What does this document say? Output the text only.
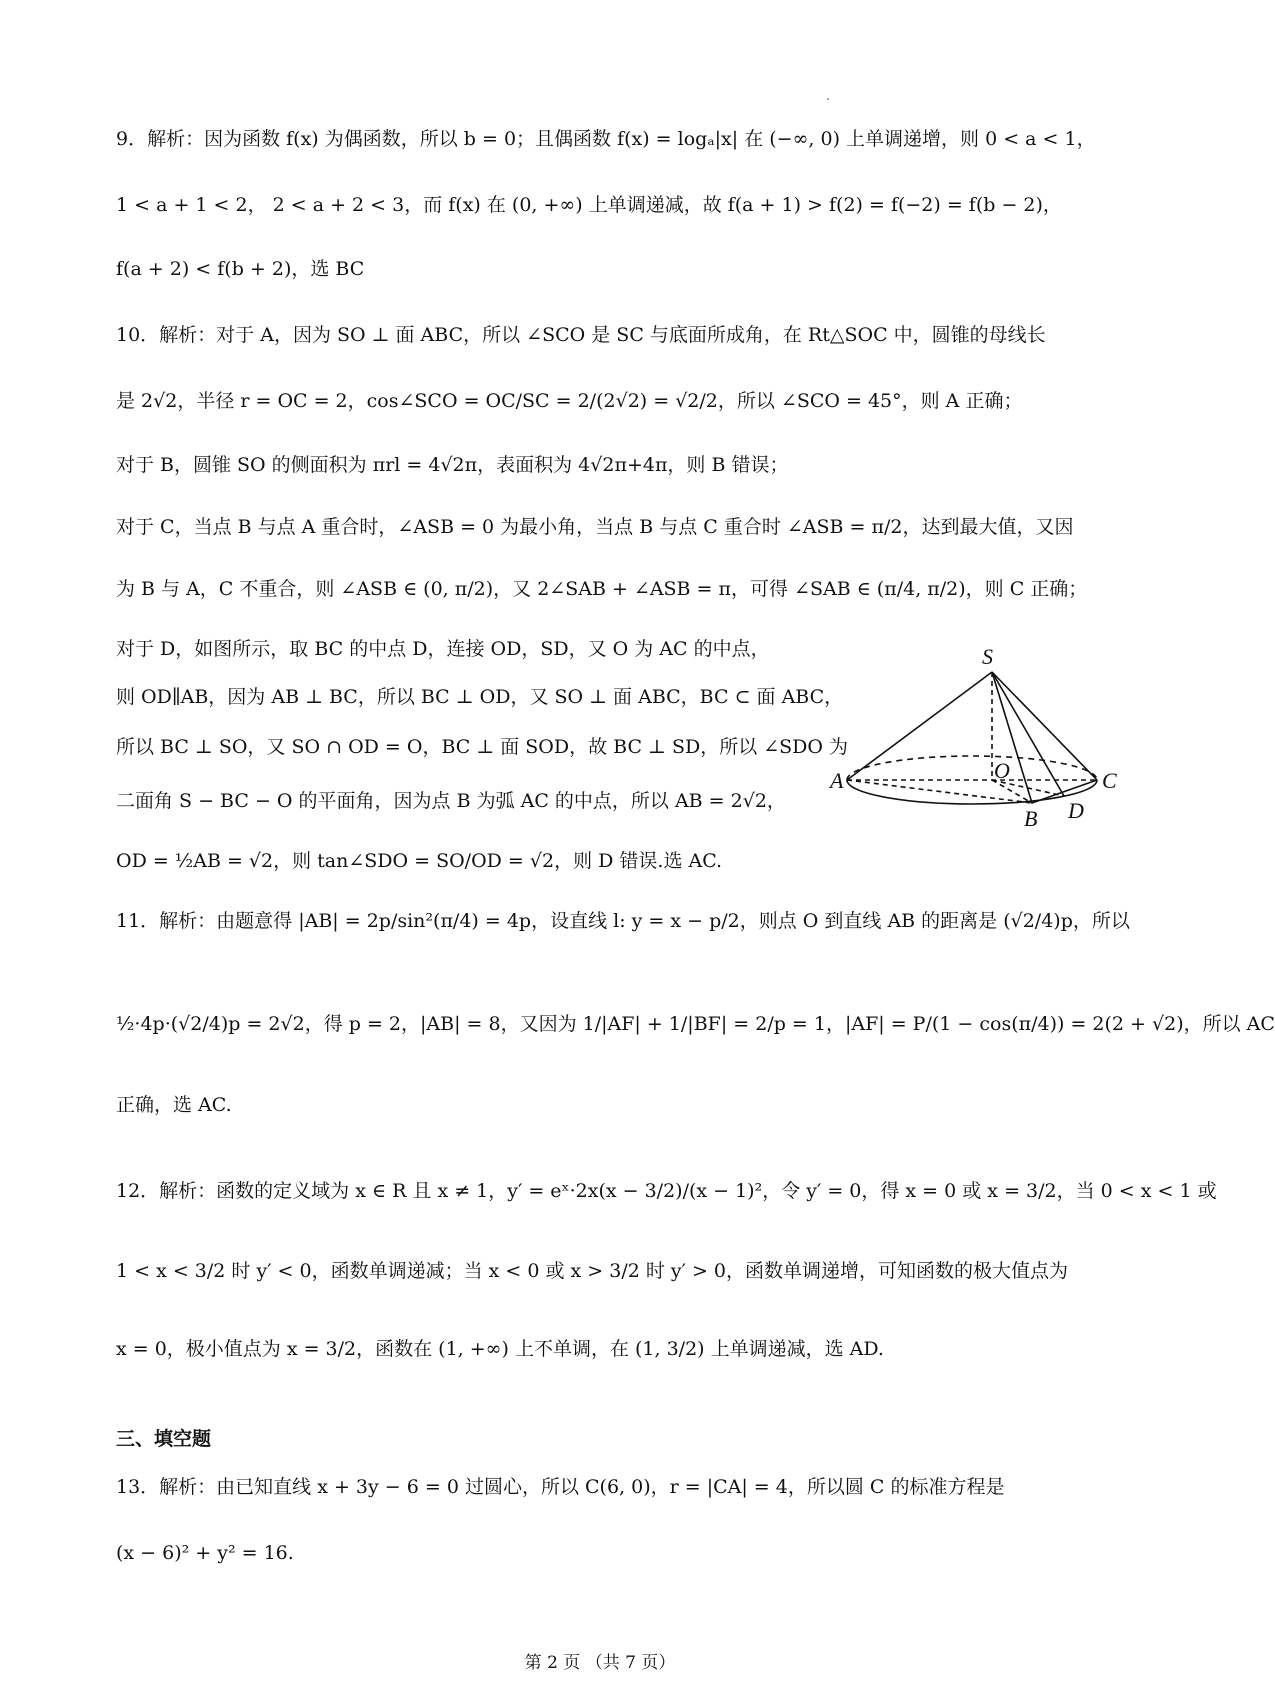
9．解析：因为函数 f(x) 为偶函数，所以 b = 0；且偶函数 f(x) = logₐ|x| 在 (−∞, 0) 上单调递增，则 0 < a < 1，
1 < a + 1 < 2， 2 < a + 2 < 3，而 f(x) 在 (0, +∞) 上单调递减，故 f(a + 1) > f(2) = f(−2) = f(b − 2)，
f(a + 2) < f(b + 2)，选 BC
10．解析：对于 A，因为 SO ⊥ 面 ABC，所以 ∠SCO 是 SC 与底面所成角，在 Rt△SOC 中，圆锥的母线长
是 2√2，半径 r = OC = 2，cos∠SCO = OC/SC = 2/(2√2) = √2/2，所以 ∠SCO = 45°，则 A 正确；
对于 B，圆锥 SO 的侧面积为 πrl = 4√2π，表面积为 4√2π+4π，则 B 错误；
对于 C，当点 B 与点 A 重合时，∠ASB = 0 为最小角，当点 B 与点 C 重合时 ∠ASB = π/2，达到最大值，又因
为 B 与 A，C 不重合，则 ∠ASB ∈ (0, π/2)，又 2∠SAB + ∠ASB = π，可得 ∠SAB ∈ (π/4, π/2)，则 C 正确；
对于 D，如图所示，取 BC 的中点 D，连接 OD，SD，又 O 为 AC 的中点，
则 OD∥AB，因为 AB ⊥ BC，所以 BC ⊥ OD，又 SO ⊥ 面 ABC，BC ⊂ 面 ABC，
所以 BC ⊥ SO，又 SO ∩ OD = O，BC ⊥ 面 SOD，故 BC ⊥ SD，所以 ∠SDO 为
二面角 S − BC − O 的平面角，因为点 B 为弧 AC 的中点，所以 AB = 2√2，
OD = ½AB = √2，则 tan∠SDO = SO/OD = √2，则 D 错误.选 AC.
11．解析：由题意得 |AB| = 2p/sin²(π/4) = 4p，设直线 l: y = x − p/2，则点 O 到直线 AB 的距离是 (√2/4)p，所以
½·4p·(√2/4)p = 2√2，得 p = 2，|AB| = 8，又因为 1/|AF| + 1/|BF| = 2/p = 1，|AF| = P/(1 − cos(π/4)) = 2(2 + √2)，所以 AC
正确，选 AC.
12．解析：函数的定义域为 x ∈ R 且 x ≠ 1，y′ = eˣ·2x(x − 3/2)/(x − 1)²，令 y′ = 0，得 x = 0 或 x = 3/2，当 0 < x < 1 或
1 < x < 3/2 时 y′ < 0，函数单调递减；当 x < 0 或 x > 3/2 时 y′ > 0，函数单调递增，可知函数的极大值点为
x = 0，极小值点为 x = 3/2，函数在 (1, +∞) 上不单调，在 (1, 3/2) 上单调递减，选 AD.
三、填空题
13．解析：由已知直线 x + 3y − 6 = 0 过圆心，所以 C(6, 0)，r = |CA| = 4，所以圆 C 的标准方程是
(x − 6)² + y² = 16.
S
O
A	C
B D
第 2 页 （共 7 页）
